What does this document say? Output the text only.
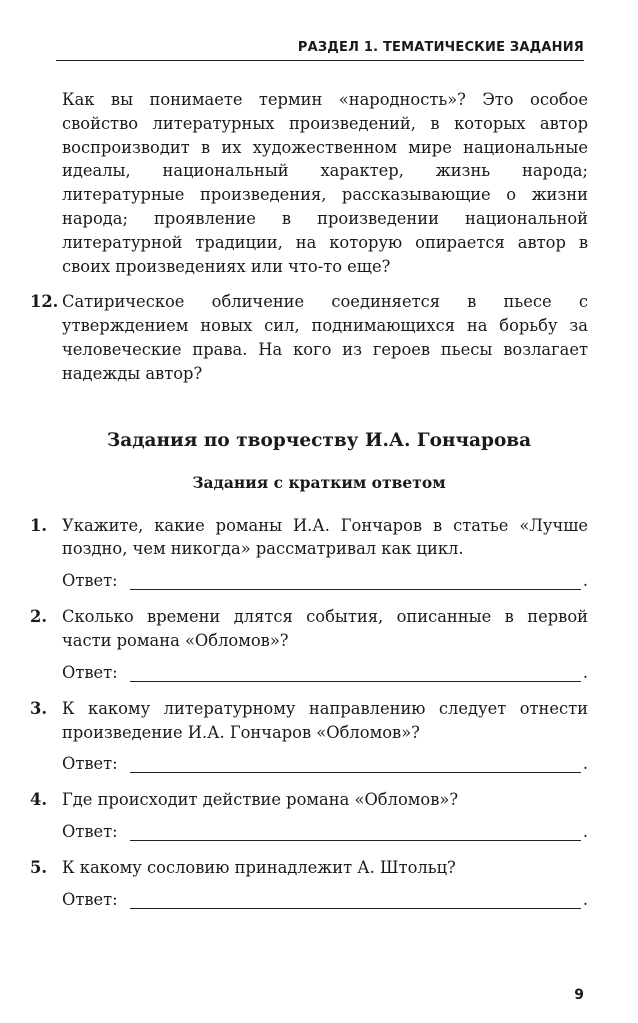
РАЗДЕЛ 1. ТЕМАТИЧЕСКИЕ ЗАДАНИЯ

Как вы понимаете термин «народность»? Это особое свойство литературных произведений, в которых автор воспроизводит в их художественном мире национальные идеалы, национальный характер, жизнь народа; литературные произведения, рассказывающие о жизни народа; проявление в произведении национальной литературной традиции, на которую опирается автор в своих произведениях или что-то еще?

12. Сатирическое обличение соединяется в пьесе с утверждением новых сил, поднимающихся на борьбу за человеческие права. На кого из героев пьесы возлагает надежды автор?
Задания по творчеству И.А. Гончарова
Задания с кратким ответом
1. Укажите, какие романы И.А. Гончаров в статье «Лучше поздно, чем никогда» рассматривал как цикл.
Ответ:	.
2. Сколько времени длятся события, описанные в первой части романа «Обломов»?
Ответ:	.
3. К какому литературному направлению следует отнести произведение И.А. Гончаров «Обломов»?
Ответ:	.
4. Где происходит действие романа «Обломов»?
Ответ:	.
5. К какому сословию принадлежит А. Штольц?
Ответ:	.
9
